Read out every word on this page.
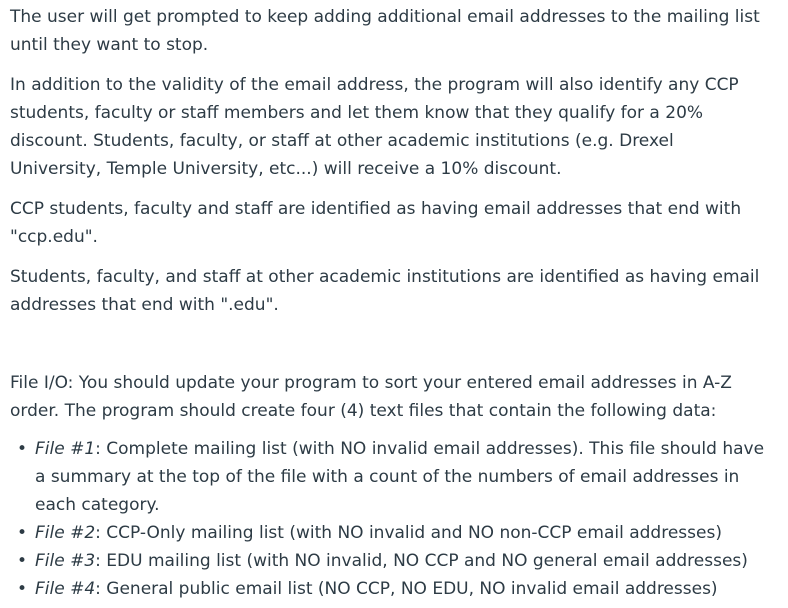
The user will get prompted to keep adding additional email addresses to the mailing list until they want to stop.

In addition to the validity of the email address, the program will also identify any CCP students, faculty or staff members and let them know that they qualify for a 20% discount. Students, faculty, or staff at other academic institutions (e.g. Drexel University, Temple University, etc...) will receive a 10% discount.

CCP students, faculty and staff are identified as having email addresses that end with "ccp.edu".

Students, faculty, and staff at other academic institutions are identified as having email addresses that end with ".edu".

File I/O: You should update your program to sort your entered email addresses in A-Z order. The program should create four (4) text files that contain the following data:

• File #1: Complete mailing list (with NO invalid email addresses). This file should have a summary at the top of the file with a count of the numbers of email addresses in each category.
• File #2: CCP-Only mailing list (with NO invalid and NO non-CCP email addresses)
• File #3: EDU mailing list (with NO invalid, NO CCP and NO general email addresses)
• File #4: General public email list (NO CCP, NO EDU, NO invalid email addresses)
